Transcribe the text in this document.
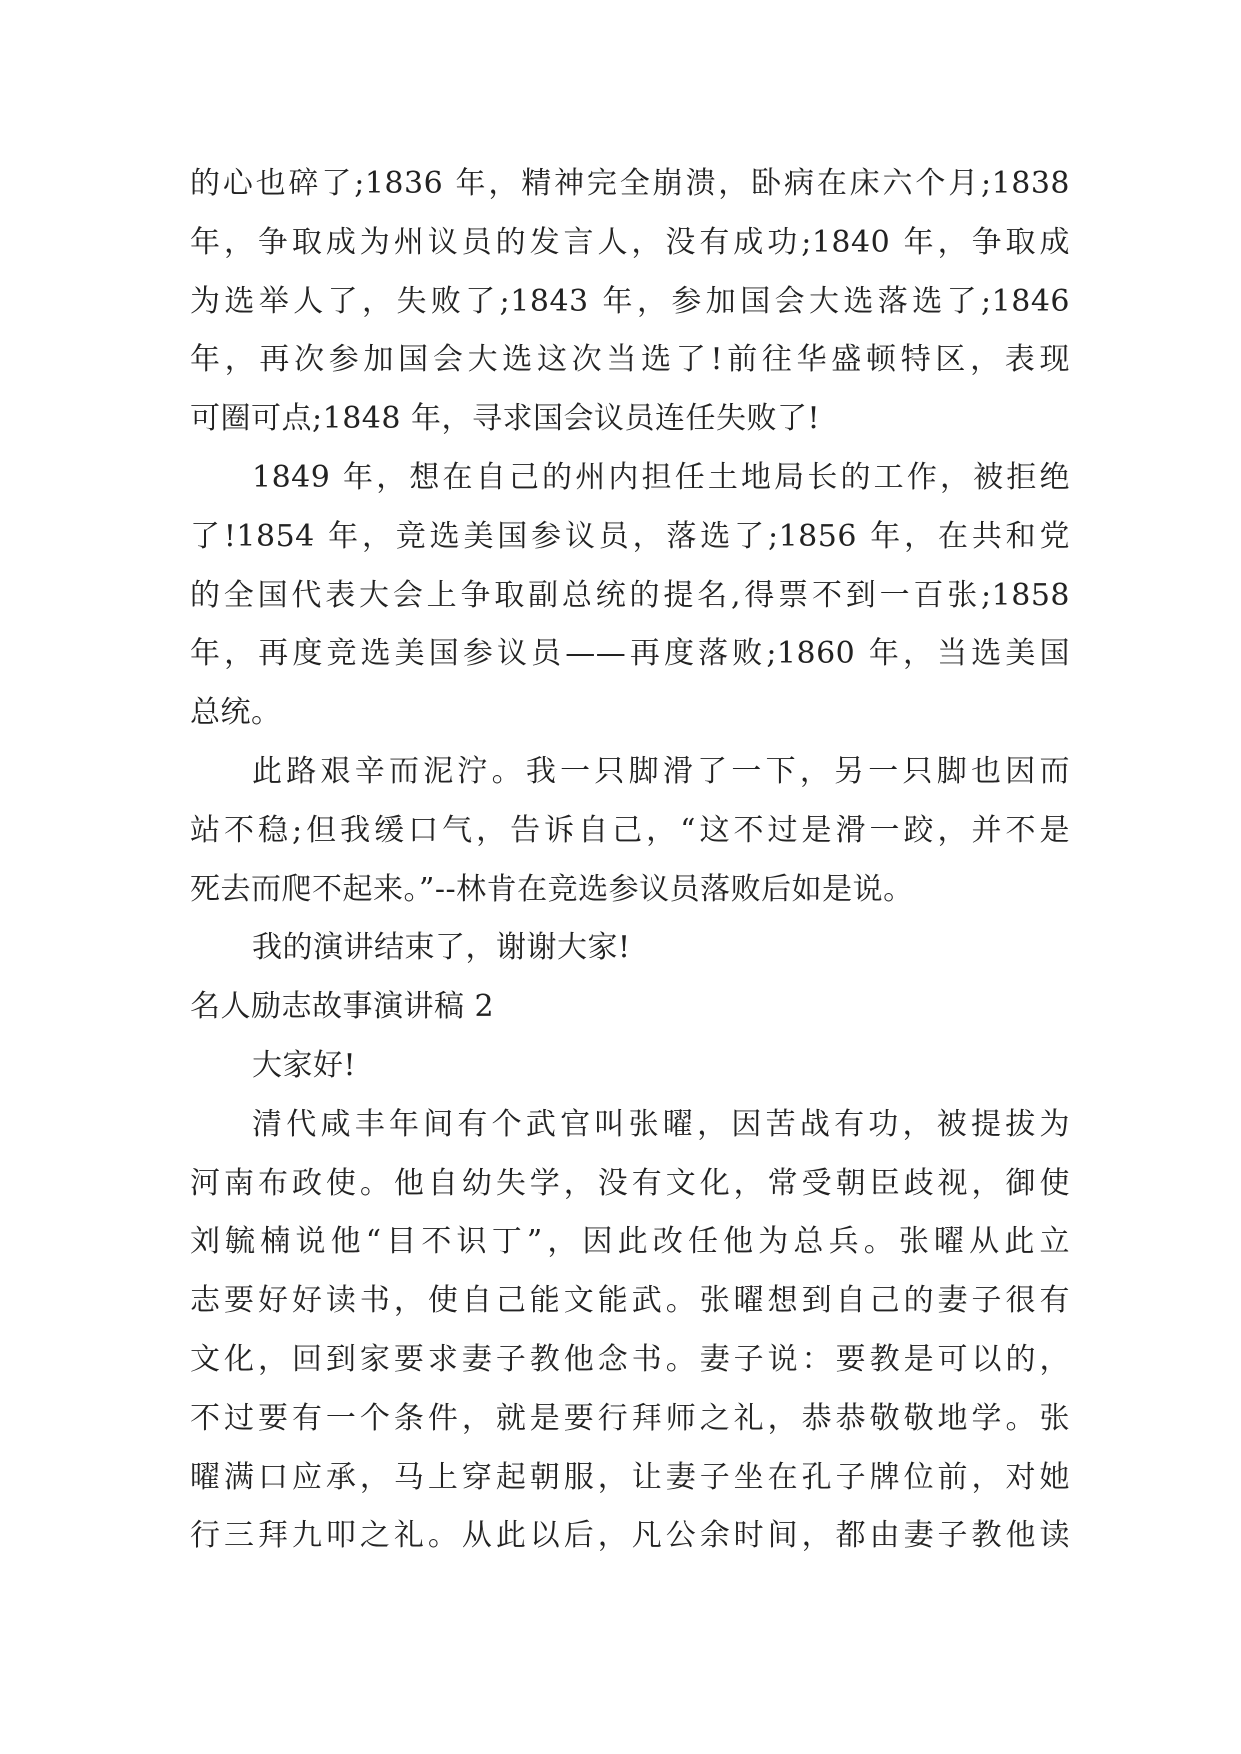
的心也碎了;1836 年，精神完全崩溃，卧病在床六个月;1838
年，争取成为州议员的发言人，没有成功;1840 年，争取成
为选举人了，失败了;1843 年，参加国会大选落选了;1846
年，再次参加国会大选这次当选了!前往华盛顿特区，表现
可圈可点;1848 年，寻求国会议员连任失败了!
1849 年，想在自己的州内担任土地局长的工作，被拒绝
了!1854 年，竞选美国参议员，落选了;1856 年，在共和党
的全国代表大会上争取副总统的提名,得票不到一百张;1858
年，再度竞选美国参议员——再度落败;1860 年，当选美国
总统。
此路艰辛而泥泞。我一只脚滑了一下，另一只脚也因而
站不稳;但我缓口气，告诉自己，“这不过是滑一跤，并不是
死去而爬不起来。”--林肯在竞选参议员落败后如是说。
我的演讲结束了，谢谢大家!
名人励志故事演讲稿 2
大家好!
清代咸丰年间有个武官叫张曜，因苦战有功，被提拔为
河南布政使。他自幼失学，没有文化，常受朝臣歧视，御使
刘毓楠说他“目不识丁”，因此改任他为总兵。张曜从此立
志要好好读书，使自己能文能武。张曜想到自己的妻子很有
文化，回到家要求妻子教他念书。妻子说：要教是可以的，
不过要有一个条件，就是要行拜师之礼，恭恭敬敬地学。张
曜满口应承，马上穿起朝服，让妻子坐在孔子牌位前，对她
行三拜九叩之礼。从此以后，凡公余时间，都由妻子教他读
